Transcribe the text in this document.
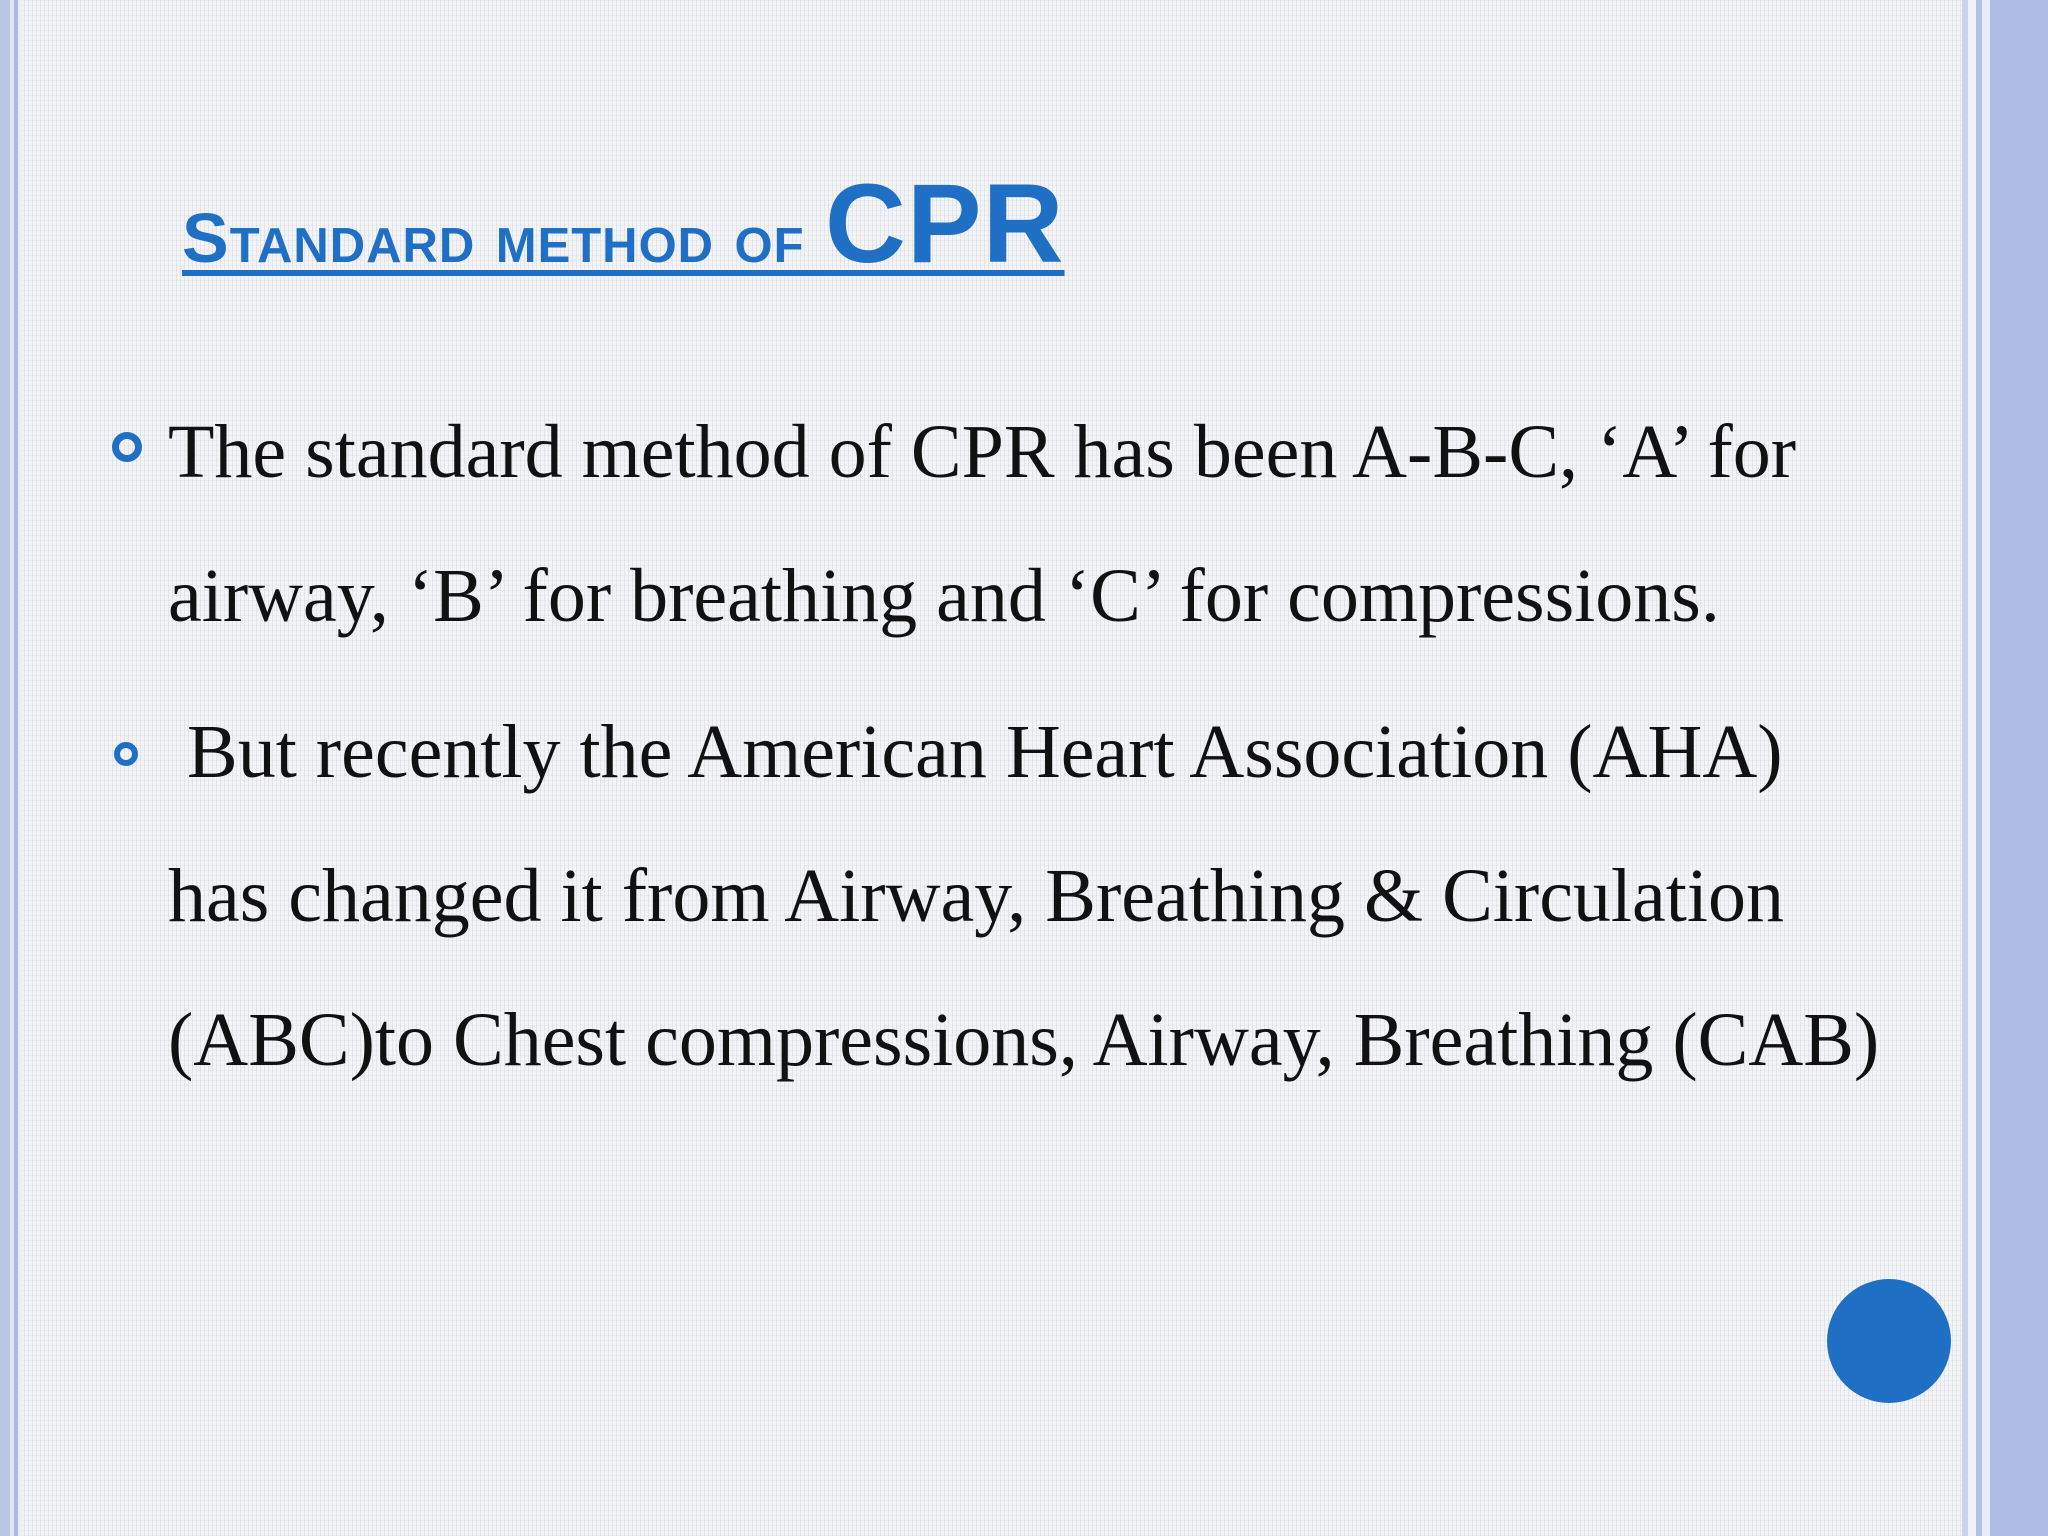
Standard method of CPR
The standard method of CPR has been A-B-C, ‘A’ for airway, ‘B’ for breathing and ‘C’ for compressions.
But recently the American Heart Association (AHA) has changed it from Airway, Breathing & Circulation (ABC)to Chest compressions, Airway, Breathing (CAB)
